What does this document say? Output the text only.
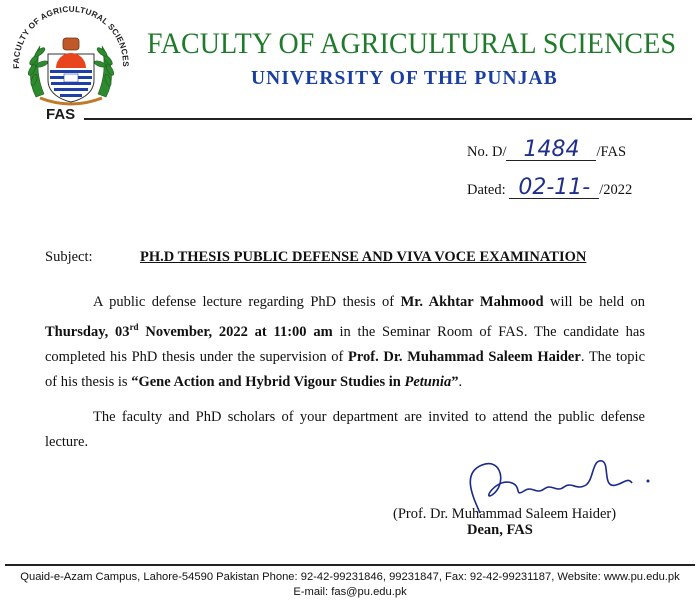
FACULTY OF AGRICULTURAL SCIENCES
FAS
FACULTY OF AGRICULTURAL SCIENCES
UNIVERSITY OF THE PUNJAB
No. D/ 1484 /FAS
Dated: 02-11- /2022
Subject:	PH.D THESIS PUBLIC DEFENSE AND VIVA VOCE EXAMINATION
A public defense lecture regarding PhD thesis of Mr. Akhtar Mahmood will be held on Thursday, 03rd November, 2022 at 11:00 am in the Seminar Room of FAS. The candidate has completed his PhD thesis under the supervision of Prof. Dr. Muhammad Saleem Haider. The topic of his thesis is “Gene Action and Hybrid Vigour Studies in Petunia”.
The faculty and PhD scholars of your department are invited to attend the public defense lecture.
(Prof. Dr. Muhammad Saleem Haider)
Dean, FAS
Quaid-e-Azam Campus, Lahore-54590 Pakistan Phone: 92-42-99231846, 99231847, Fax: 92-42-99231187, Website: www.pu.edu.pk
E-mail: fas@pu.edu.pk
